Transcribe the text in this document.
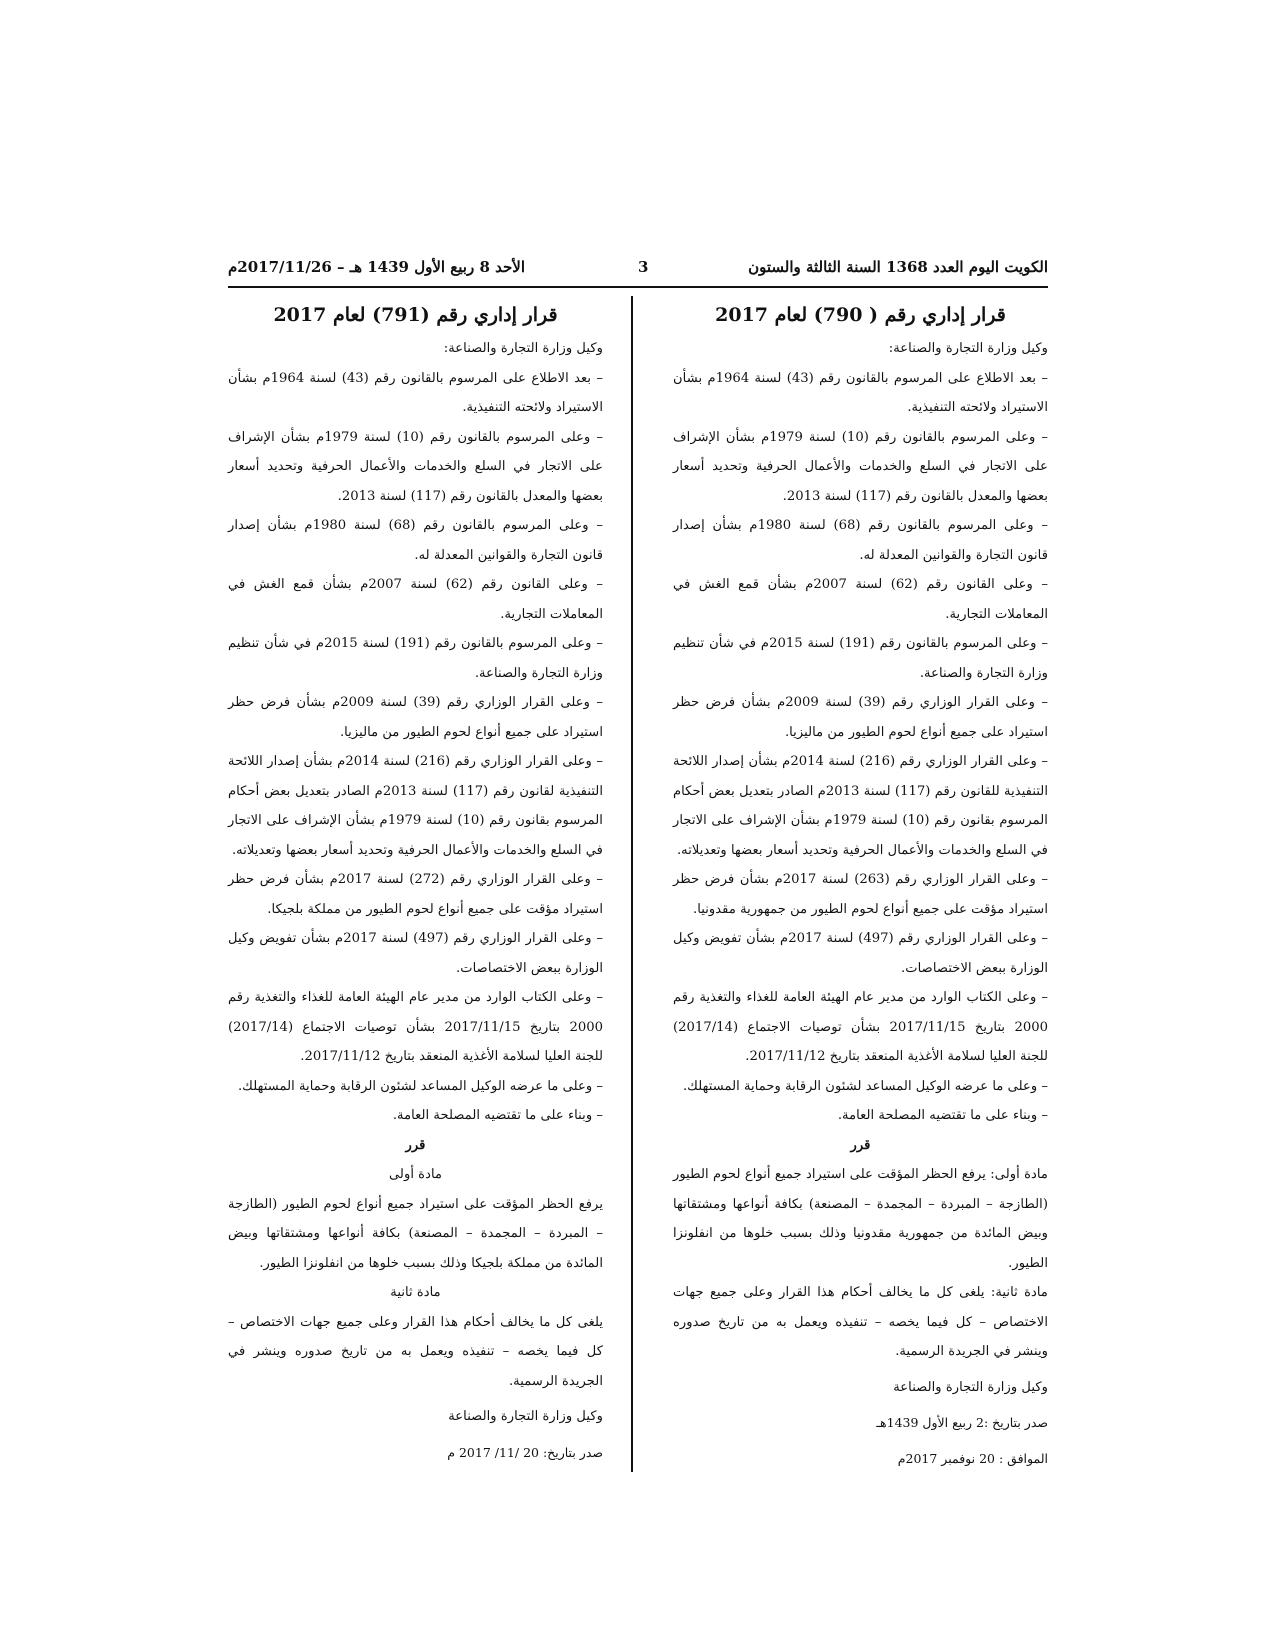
الكويت اليوم العدد 1368 السنة الثالثة والستون
3
الأحد 8 ربيع الأول 1439 هـ – 2017/11/26م
قرار إداري رقم ( 790) لعام 2017

وكيل وزارة التجارة والصناعة:

– بعد الاطلاع على المرسوم بالقانون رقم (43) لسنة 1964م بشأن الاستيراد ولائحته التنفيذية.

– وعلى المرسوم بالقانون رقم (10) لسنة 1979م بشأن الإشراف على الاتجار في السلع والخدمات والأعمال الحرفية وتحديد أسعار بعضها والمعدل بالقانون رقم (117) لسنة 2013.

– وعلى المرسوم بالقانون رقم (68) لسنة 1980م بشأن إصدار قانون التجارة والقوانين المعدلة له.

– وعلى القانون رقم (62) لسنة 2007م بشأن قمع الغش في المعاملات التجارية.

– وعلى المرسوم بالقانون رقم (191) لسنة 2015م في شأن تنظيم وزارة التجارة والصناعة.

– وعلى القرار الوزاري رقم (39) لسنة 2009م بشأن فرض حظر استيراد على جميع أنواع لحوم الطيور من ماليزيا.

– وعلى القرار الوزاري رقم (216) لسنة 2014م بشأن إصدار اللائحة التنفيذية للقانون رقم (117) لسنة 2013م الصادر بتعديل بعض أحكام المرسوم بقانون رقم (10) لسنة 1979م بشأن الإشراف على الاتجار في السلع والخدمات والأعمال الحرفية وتحديد أسعار بعضها وتعديلاته.

– وعلى القرار الوزاري رقم (263) لسنة 2017م بشأن فرض حظر استيراد مؤقت على جميع أنواع لحوم الطيور من جمهورية مقدونيا.

– وعلى القرار الوزاري رقم (497) لسنة 2017م بشأن تفويض وكيل الوزارة ببعض الاختصاصات.

– وعلى الكتاب الوارد من مدير عام الهيئة العامة للغذاء والتغذية رقم 2000 بتاريخ 2017/11/15 بشأن توصيات الاجتماع (2017/14) للجنة العليا لسلامة الأغذية المنعقد بتاريخ 2017/11/12.

– وعلى ما عرضه الوكيل المساعد لشئون الرقابة وحماية المستهلك.

– وبناء على ما تقتضيه المصلحة العامة.

قرر

مادة أولى: يرفع الحظر المؤقت على استيراد جميع أنواع لحوم الطيور (الطازجة – المبردة – المجمدة – المصنعة) بكافة أنواعها ومشتقاتها وبيض المائدة من جمهورية مقدونيا وذلك بسبب خلوها من انفلونزا الطيور.

مادة ثانية: يلغى كل ما يخالف أحكام هذا القرار وعلى جميع جهات الاختصاص – كل فيما يخصه – تنفيذه ويعمل به من تاريخ صدوره وينشر في الجريدة الرسمية.

وكيل وزارة التجارة والصناعة

صدر بتاريخ :2 ربيع الأول 1439هـ

الموافق : 20 نوفمبر 2017م

قرار إداري رقم (791) لعام 2017

وكيل وزارة التجارة والصناعة:

– بعد الاطلاع على المرسوم بالقانون رقم (43) لسنة 1964م بشأن الاستيراد ولائحته التنفيذية.

– وعلى المرسوم بالقانون رقم (10) لسنة 1979م بشأن الإشراف على الاتجار في السلع والخدمات والأعمال الحرفية وتحديد أسعار بعضها والمعدل بالقانون رقم (117) لسنة 2013.

– وعلى المرسوم بالقانون رقم (68) لسنة 1980م بشأن إصدار قانون التجارة والقوانين المعدلة له.

– وعلى القانون رقم (62) لسنة 2007م بشأن قمع الغش في المعاملات التجارية.

– وعلى المرسوم بالقانون رقم (191) لسنة 2015م في شأن تنظيم وزارة التجارة والصناعة.

– وعلى القرار الوزاري رقم (39) لسنة 2009م بشأن فرض حظر استيراد على جميع أنواع لحوم الطيور من ماليزيا.

– وعلى القرار الوزاري رقم (216) لسنة 2014م بشأن إصدار اللائحة التنفيذية لقانون رقم (117) لسنة 2013م الصادر بتعديل بعض أحكام المرسوم بقانون رقم (10) لسنة 1979م بشأن الإشراف على الاتجار في السلع والخدمات والأعمال الحرفية وتحديد أسعار بعضها وتعديلاته.

– وعلى القرار الوزاري رقم (272) لسنة 2017م بشأن فرض حظر استيراد مؤقت على جميع أنواع لحوم الطيور من مملكة بلجيكا.

– وعلى القرار الوزاري رقم (497) لسنة 2017م بشأن تفويض وكيل الوزارة ببعض الاختصاصات.

– وعلى الكتاب الوارد من مدير عام الهيئة العامة للغذاء والتغذية رقم 2000 بتاريخ 2017/11/15 بشأن توصيات الاجتماع (2017/14) للجنة العليا لسلامة الأغذية المنعقد بتاريخ 2017/11/12.

– وعلى ما عرضه الوكيل المساعد لشئون الرقابة وحماية المستهلك.

– وبناء على ما تقتضيه المصلحة العامة.

قرر

مادة أولى

يرفع الحظر المؤقت على استيراد جميع أنواع لحوم الطيور (الطازجة – المبردة – المجمدة – المصنعة) بكافة أنواعها ومشتقاتها وبيض المائدة من مملكة بلجيكا وذلك بسبب خلوها من انفلونزا الطيور.

مادة ثانية

يلغى كل ما يخالف أحكام هذا القرار وعلى جميع جهات الاختصاص – كل فيما يخصه – تنفيذه ويعمل به من تاريخ صدوره وينشر في الجريدة الرسمية.

وكيل وزارة التجارة والصناعة

صدر بتاريخ: 20 /11/ 2017 م
